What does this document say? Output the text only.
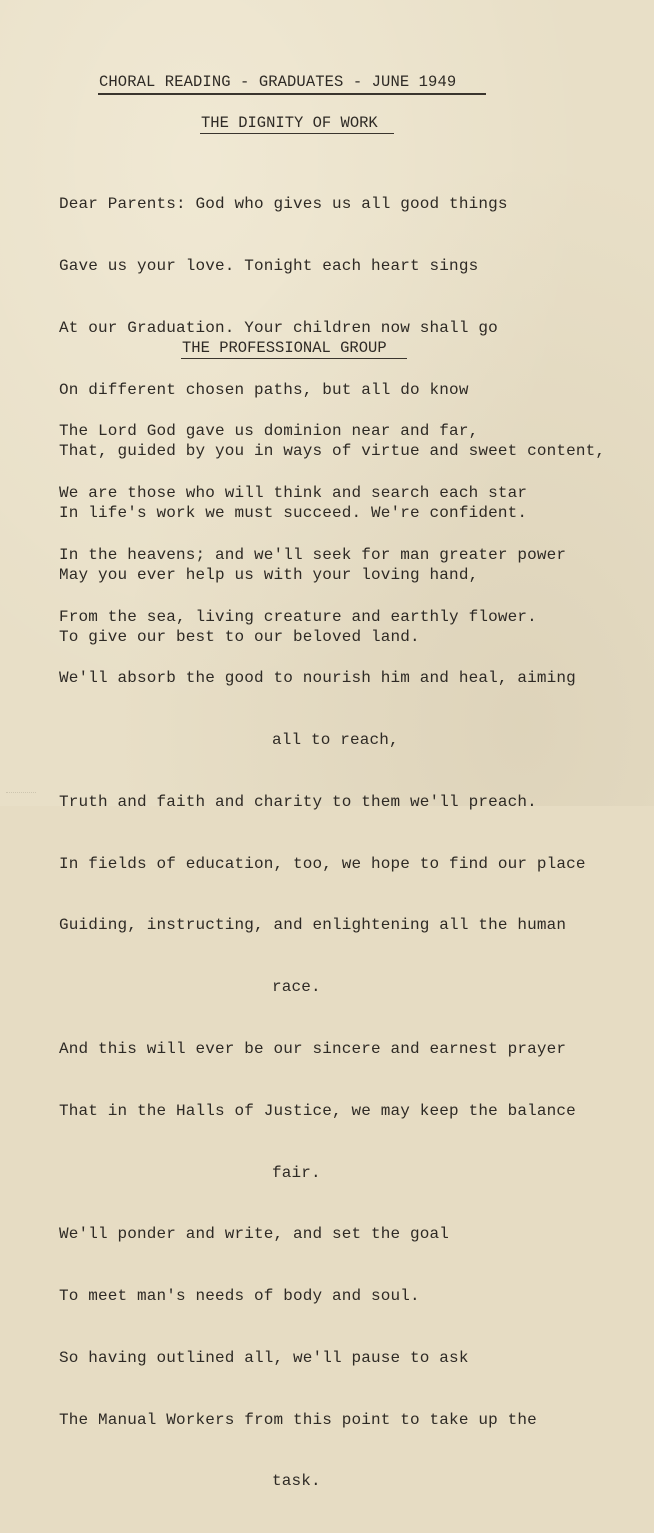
CHORAL READING - GRADUATES - JUNE 1949
THE DIGNITY OF WORK

Dear Parents: God who gives us all good things

Gave us your love. Tonight each heart sings

At our Graduation. Your children now shall go

On different chosen paths, but all do know

That, guided by you in ways of virtue and sweet content,

In life's work we must succeed. We're confident.

May you ever help us with your loving hand,

To give our best to our beloved land.

THE PROFESSIONAL GROUP

The Lord God gave us dominion near and far,

We are those who will think and search each star

In the heavens; and we'll seek for man greater power

From the sea, living creature and earthly flower.

We'll absorb the good to nourish him and heal, aiming

all to reach,

Truth and faith and charity to them we'll preach.

In fields of education, too, we hope to find our place

Guiding, instructing, and enlightening all the human

race.

And this will ever be our sincere and earnest prayer

That in the Halls of Justice, we may keep the balance

fair.

We'll ponder and write, and set the goal

To meet man's needs of body and soul.

So having outlined all, we'll pause to ask

The Manual Workers from this point to take up the

task.
